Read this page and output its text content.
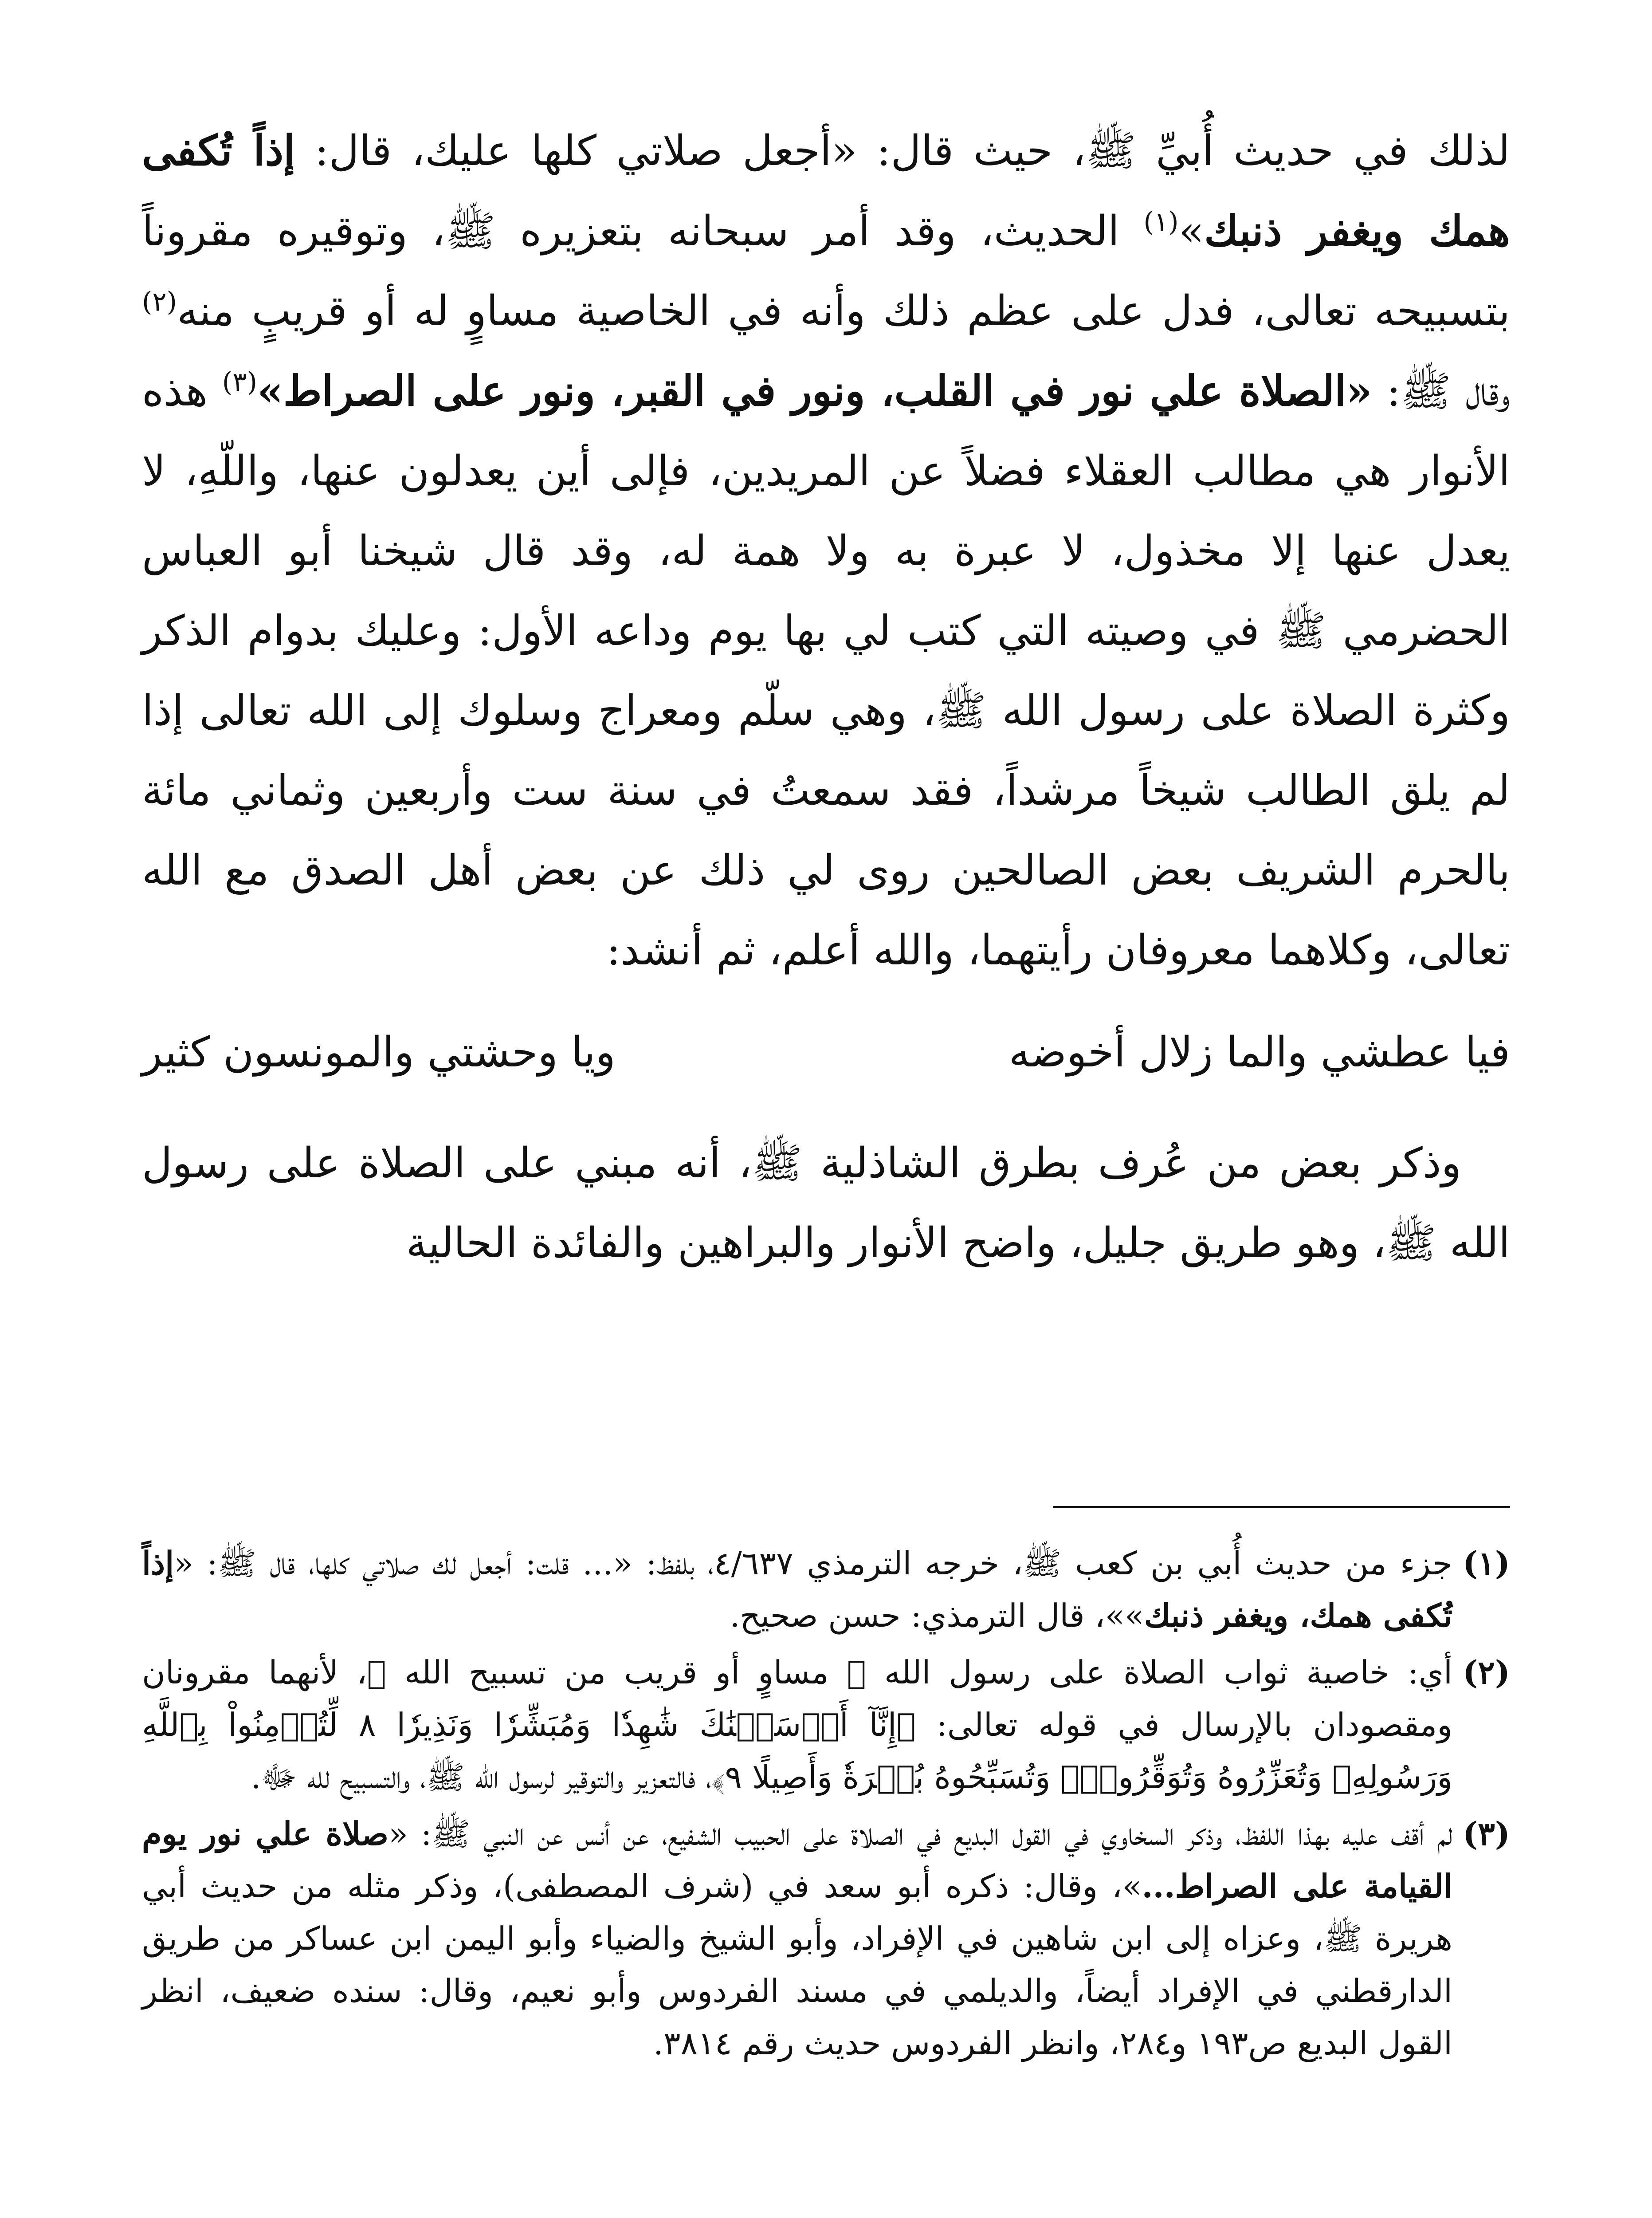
لذلك في حديث أُبيِّ ﷺ، حيث قال: «أجعل صلاتي كلها عليك، قال: إذاً تُكفى همك ويغفر ذنبك»$^{(١)}$ الحديث، وقد أمر سبحانه بتعزيره ﷺ، وتوقيره مقروناً بتسبيحه تعالى، فدل على عظم ذلك وأنه في الخاصية مساوٍ له أو قريبٍ منه$^{(٢)}$ وقال ﷺ: «الصلاة علي نور في القلب، ونور في القبر، ونور على الصراط»$^{(٣)}$ هذه الأنوار هي مطالب العقلاء فضلاً عن المريدين، فإلى أين يعدلون عنها، واللّهِ، لا يعدل عنها إلا مخذول، لا عبرة به ولا همة له، وقد قال شيخنا أبو العباس الحضرمي ﷺ في وصيته التي كتب لي بها يوم وداعه الأول: وعليك بدوام الذكر وكثرة الصلاة على رسول الله ﷺ، وهي سلّم ومعراج وسلوك إلى الله تعالى إذا لم يلق الطالب شيخاً مرشداً، فقد سمعتُ في سنة ست وأربعين وثماني مائة بالحرم الشريف بعض الصالحين روى لي ذلك عن بعض أهل الصدق مع الله تعالى، وكلاهما معروفان رأيتهما، والله أعلم، ثم أنشد:

فيا عطشي والما زلال أخوضه
ويا وحشتي والمونسون كثير

وذكر بعض من عُرف بطرق الشاذلية ﷺ، أنه مبني على الصلاة على رسول الله ﷺ، وهو طريق جليل، واضح الأنوار والبراهين والفائدة الحالية

(١)
جزء من حديث أُبي بن كعب ﷺ، خرجه الترمذي ٤/٦٣٧، بلفظ: «... قلت: أجعل لك صلاتي كلها، قال ﷺ: «إذاً تُكفى همك، ويغفر ذنبك»»، قال الترمذي: حسن صحيح.
(٢)
أي: خاصية ثواب الصلاة على رسول الله ﷺ مساوٍ أو قريب من تسبيح الله ﷻ، لأنهما مقرونان ومقصودان بالإرسال في قوله تعالى: ﴿إِنَّآ أَرۡسَلۡنَٰكَ شَٰهِدٗا وَمُبَشِّرٗا وَنَذِيرٗا ٨ لِّتُؤۡمِنُواْ بِٱللَّهِ وَرَسُولِهِۦ وَتُعَزِّرُوهُ وَتُوَقِّرُوهُۚ وَتُسَبِّحُوهُ بُكۡرَةٗ وَأَصِيلًا ٩﴾، فالتعزير والتوقير لرسول الله ﷺ، والتسبيح لله ﷻ.
(٣)
لم أقف عليه بهذا اللفظ، وذكر السخاوي في القول البديع في الصلاة على الحبيب الشفيع، عن أنس عن النبي ﷺ: «صلاة علي نور يوم القيامة على الصراط...»، وقال: ذكره أبو سعد في (شرف المصطفى)، وذكر مثله من حديث أبي هريرة ﷺ، وعزاه إلى ابن شاهين في الإفراد، وأبو الشيخ والضياء وأبو اليمن ابن عساكر من طريق الدارقطني في الإفراد أيضاً، والديلمي في مسند الفردوس وأبو نعيم، وقال: سنده ضعيف، انظر القول البديع ص١٩٣ و٢٨٤، وانظر الفردوس حديث رقم ٣٨١٤.
